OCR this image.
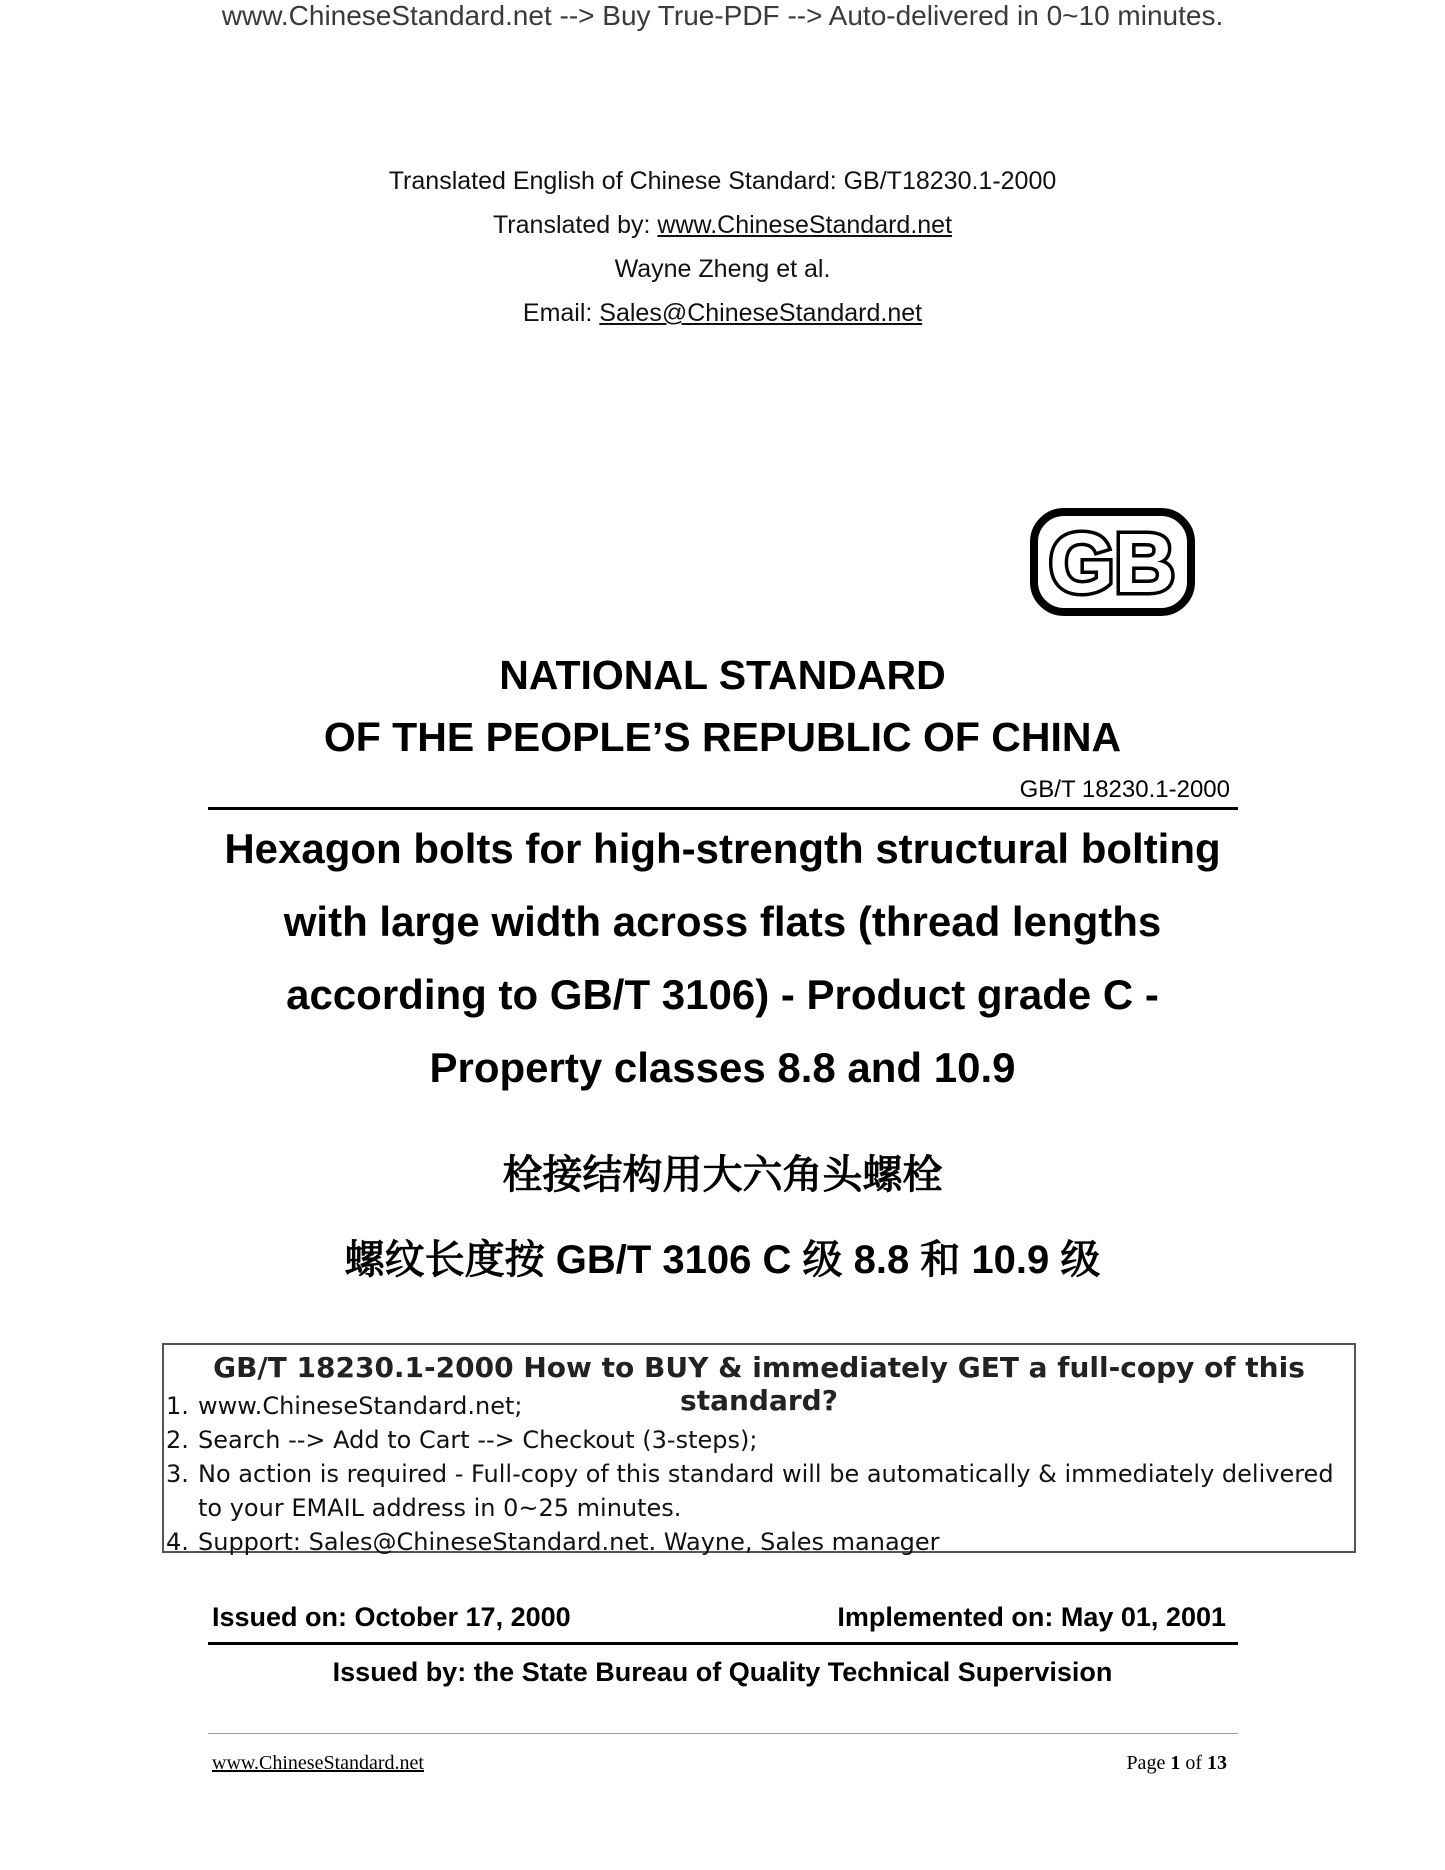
www.ChineseStandard.net --> Buy True-PDF --> Auto-delivered in 0~10 minutes.
Translated English of Chinese Standard: GB/T18230.1-2000
Translated by: www.ChineseStandard.net
Wayne Zheng et al.
Email: Sales@ChineseStandard.net
GB
NATIONAL STANDARD
OF THE PEOPLE’S REPUBLIC OF CHINA
GB/T 18230.1-2000
Hexagon bolts for high-strength structural bolting
with large width across flats (thread lengths
according to GB/T 3106) - Product grade C -
Property classes 8.8 and 10.9
栓接结构用大六角头螺栓
螺纹长度按 GB/T 3106 C 级 8.8 和 10.9 级
GB/T 18230.1-2000 How to BUY & immediately GET a full-copy of this standard?
1. www.ChineseStandard.net;
2. Search --> Add to Cart --> Checkout (3-steps);
3. No action is required - Full-copy of this standard will be automatically & immediately delivered to your EMAIL address in 0~25 minutes.
4. Support: Sales@ChineseStandard.net. Wayne, Sales manager
Issued on: October 17, 2000	Implemented on: May 01, 2001
Issued by: the State Bureau of Quality Technical Supervision
www.ChineseStandard.net	Page 1 of 13
